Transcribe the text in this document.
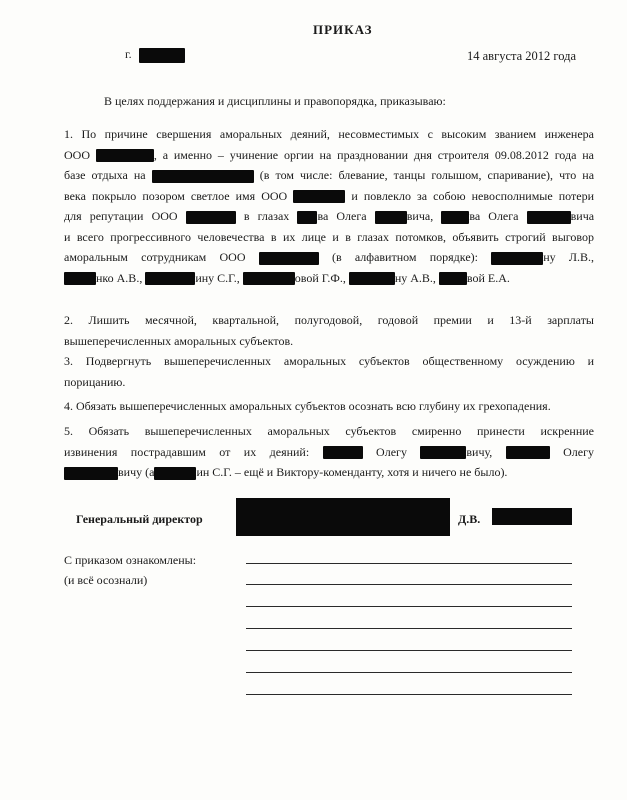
ПРИКАЗ
г.	14 августа 2012 года
В целях поддержания и дисциплины и правопорядка, приказываю:
1. По причине свершения аморальных деяний, несовместимых с высоким званием инженера
ООО	, а именно – учинение оргии на праздновании дня строителя 09.08.2012 года на
базе отдыха на	(в том числе: блевание, танцы голышом, спаривание), что на
века покрыло позором светлое имя ООО	и повлекло за собою невосполнимые потери
для репутации ООО	в глазах ва Олега	вича,	ва Олега	вича
и всего прогрессивного человечества в их лице и в глазах потомков, объявить строгий выговор
аморальным сотрудникам ООО	(в алфавитном порядке):	ну Л.В.,
нко А.В.,	ину С.Г.,	овой Г.Ф.,	ну А.В.,	вой Е.А.
2. Лишить месячной, квартальной, полугодовой, годовой премии и 13-й зарплаты
вышеперечисленных аморальных субъектов.
3. Подвергнуть вышеперечисленных аморальных субъектов общественному осуждению и
порицанию.
4. Обязать вышеперечисленных аморальных субъектов осознать всю глубину их грехопадения.
5. Обязать вышеперечисленных аморальных субъектов смиренно принести искренние
извинения пострадавшим от их деяний:	Олегу	вичу,	Олегу
вичу (а	ин С.Г. – ещё и Виктору-коменданту, хотя и ничего не было).
Генеральный директор	Д.В.
С приказом ознакомлены:
(и всё осознали)
